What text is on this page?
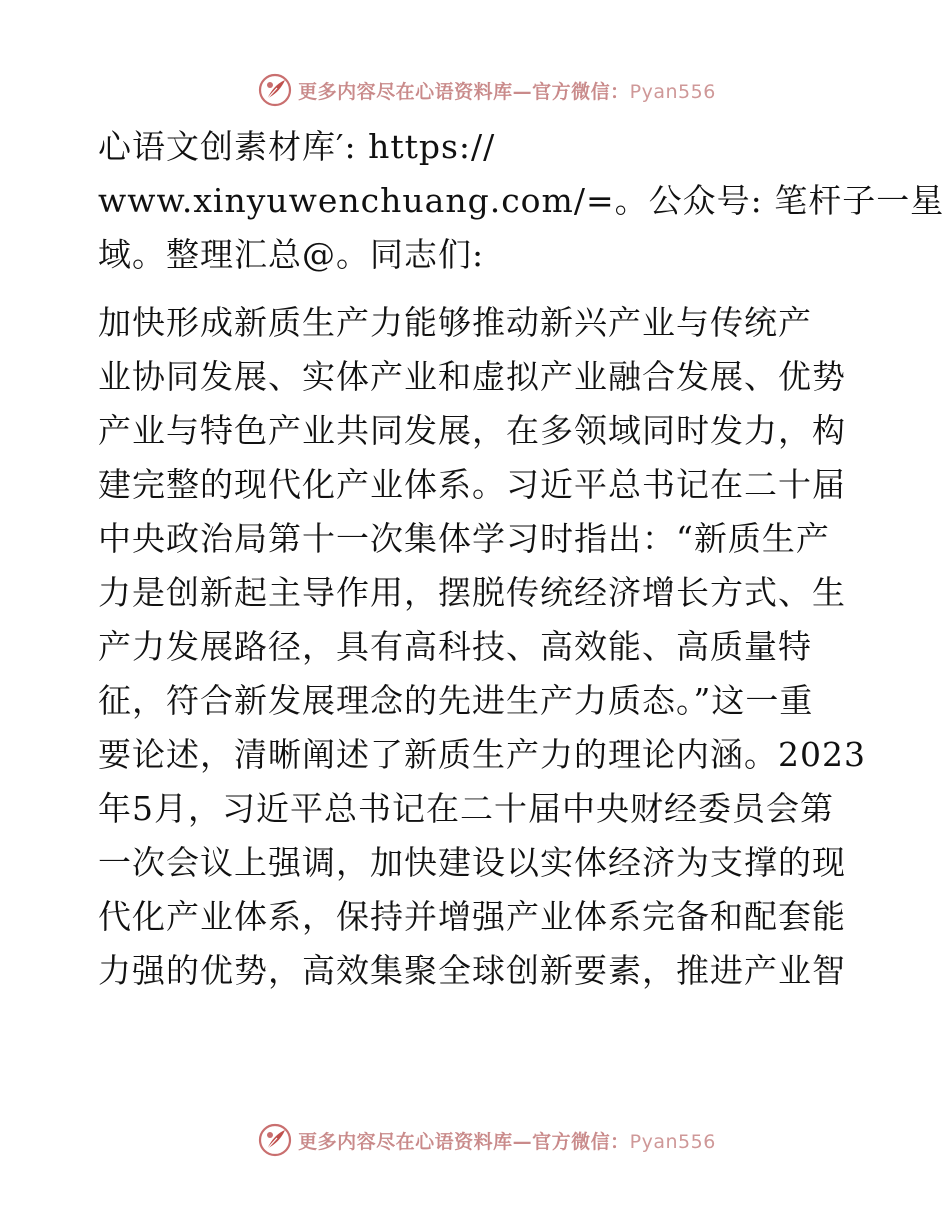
更多内容尽在心语资料库—官方微信：Pyan556
心语文创素材库′: https://
www.xinyuwenchuang.com/=。公众号: 笔杆子一星
域。整理汇总@。同志们:
加快形成新质生产力能够推动新兴产业与传统产
业协同发展、实体产业和虚拟产业融合发展、优势
产业与特色产业共同发展，在多领域同时发力，构
建完整的现代化产业体系。习近平总书记在二十届
中央政治局第十一次集体学习时指出：“新质生产
力是创新起主导作用，摆脱传统经济增长方式、生
产力发展路径，具有高科技、高效能、高质量特
征，符合新发展理念的先进生产力质态。”这一重
要论述，清晰阐述了新质生产力的理论内涵。2023
年5月，习近平总书记在二十届中央财经委员会第
一次会议上强调，加快建设以实体经济为支撑的现
代化产业体系，保持并增强产业体系完备和配套能
力强的优势，高效集聚全球创新要素，推进产业智
更多内容尽在心语资料库—官方微信：Pyan556
